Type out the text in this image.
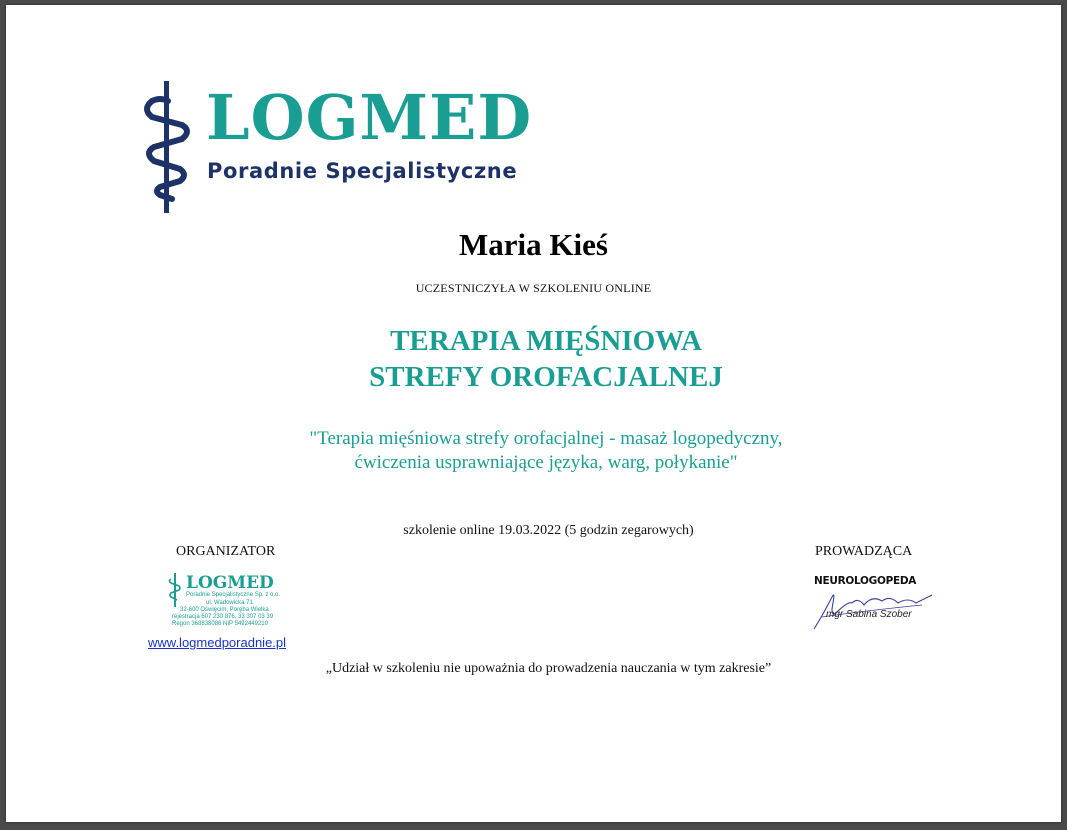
LOGMED
Poradnie Specjalistyczne
Maria Kieś
UCZESTNICZYŁA W SZKOLENIU ONLINE
TERAPIA MIĘŚNIOWA
STREFY OROFACJALNEJ
"Terapia mięśniowa strefy orofacjalnej - masaż logopedyczny,
ćwiczenia usprawniające języka, warg, połykanie"
szkolenie online 19.03.2022 (5 godzin zegarowych)
ORGANIZATOR	PROWADZĄCA
LOGMED
Poradnie Specjalistyczne Sp. z o.o.
ul. Wadowicka 71
32-600 Oświęcim, Poręba Wielka
rejestracja 607 230 876, 33 307 03 39
Regon 368838086 NIP 5492449210
www.logmedporadnie.pl
NEUROLOGOPEDA
mgr Sabina Szober
„Udział w szkoleniu nie upoważnia do prowadzenia nauczania w tym zakresie”
